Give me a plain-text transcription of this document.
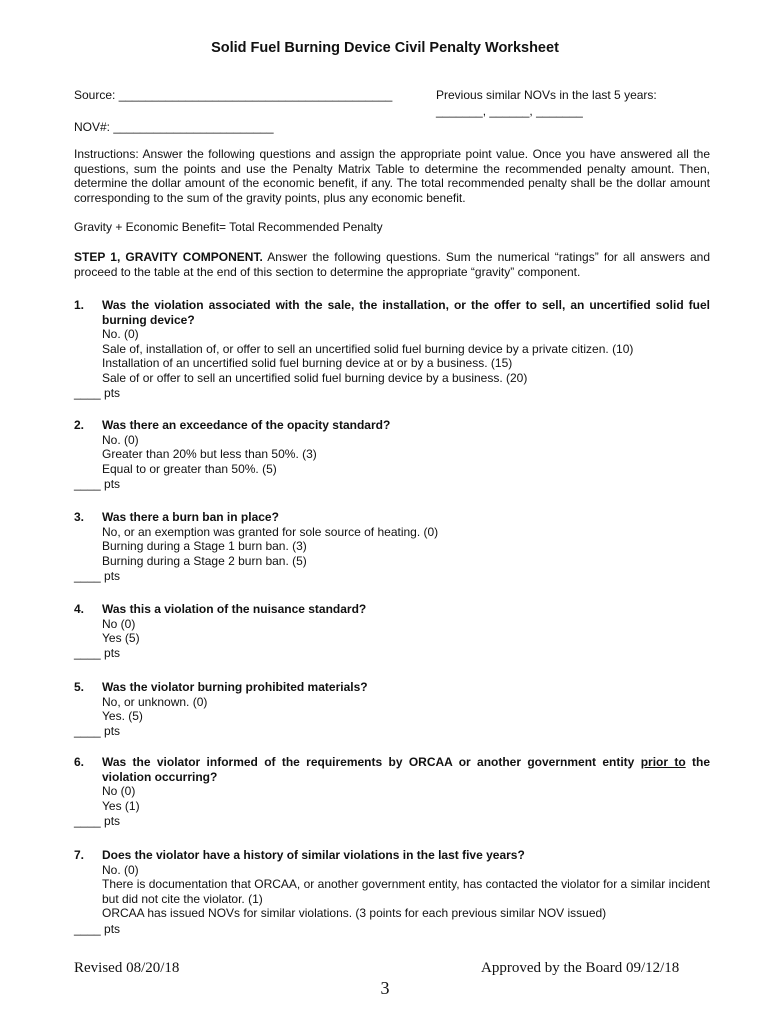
Solid Fuel Burning Device Civil Penalty Worksheet
Source: _________________________________________	Previous similar NOVs in the last 5 years:
_______, ______, _______
NOV#: ________________________
Instructions: Answer the following questions and assign the appropriate point value. Once you have answered all the questions, sum the points and use the Penalty Matrix Table to determine the recommended penalty amount. Then, determine the dollar amount of the economic benefit, if any. The total recommended penalty shall be the dollar amount corresponding to the sum of the gravity points, plus any economic benefit.
Gravity + Economic Benefit= Total Recommended Penalty
STEP 1, GRAVITY COMPONENT. Answer the following questions. Sum the numerical “ratings” for all answers and proceed to the table at the end of this section to determine the appropriate “gravity” component.
1. Was the violation associated with the sale, the installation, or the offer to sell, an uncertified solid fuel burning device?
No. (0)
Sale of, installation of, or offer to sell an uncertified solid fuel burning device by a private citizen. (10)
Installation of an uncertified solid fuel burning device at or by a business. (15)
Sale of or offer to sell an uncertified solid fuel burning device by a business. (20)
____ pts
2. Was there an exceedance of the opacity standard?
No. (0)
Greater than 20% but less than 50%. (3)
Equal to or greater than 50%. (5)
____ pts
3. Was there a burn ban in place?
No, or an exemption was granted for sole source of heating. (0)
Burning during a Stage 1 burn ban. (3)
Burning during a Stage 2 burn ban. (5)
____ pts
4. Was this a violation of the nuisance standard?
No (0)
Yes (5)
____ pts
5. Was the violator burning prohibited materials?
No, or unknown. (0)
Yes. (5)
____ pts
6. Was the violator informed of the requirements by ORCAA or another government entity prior to the violation occurring?
No (0)
Yes (1)
____ pts
7. Does the violator have a history of similar violations in the last five years?
No. (0)
There is documentation that ORCAA, or another government entity, has contacted the violator for a similar incident but did not cite the violator. (1)
ORCAA has issued NOVs for similar violations. (3 points for each previous similar NOV issued)
____ pts
Revised 08/20/18	Approved by the Board 09/12/18
3
